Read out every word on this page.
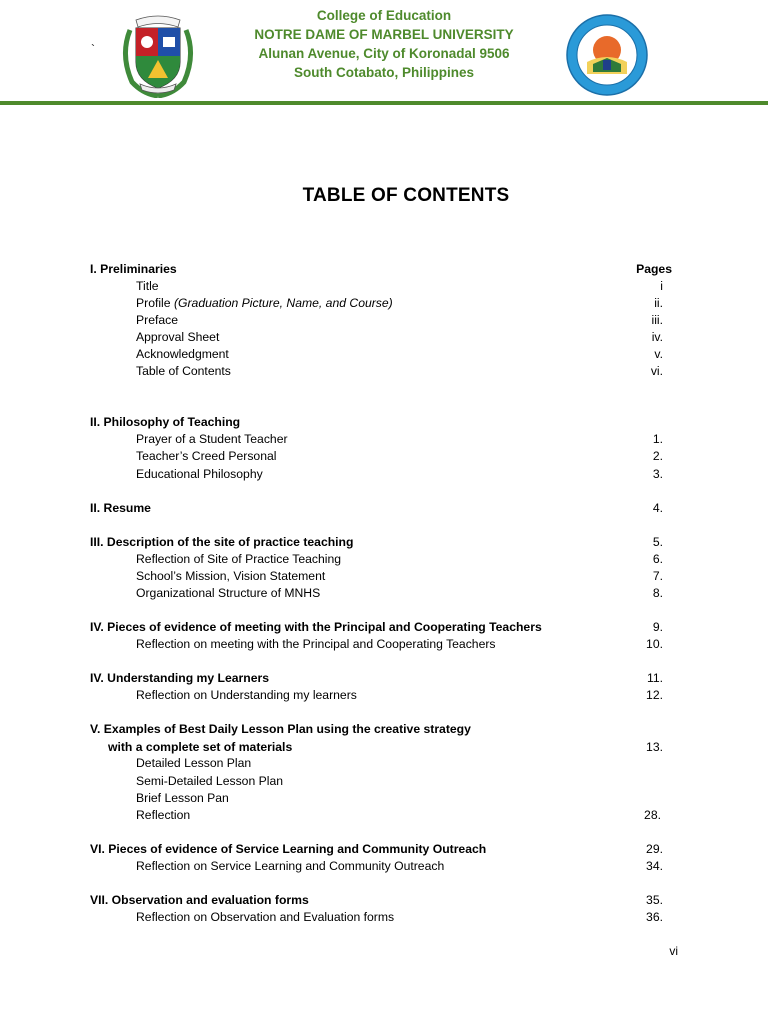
`
College of Education
NOTRE DAME OF MARBEL UNIVERSITY
Alunan Avenue, City of Koronadal 9506
South Cotabato, Philippines
TABLE OF CONTENTS
I. Preliminaries	Pages
Title	i
Profile (Graduation Picture, Name, and Course)	ii.
Preface	iii.
Approval Sheet	iv.
Acknowledgment	v.
Table of Contents	vi.
II. Philosophy of Teaching
Prayer of a Student Teacher	1.
Teacher’s Creed Personal	2.
Educational Philosophy	3.
II. Resume	4.
III. Description of the site of practice teaching	5.
Reflection of Site of Practice Teaching	6.
School’s Mission, Vision Statement	7.
Organizational Structure of MNHS	8.
IV. Pieces of evidence of meeting with the Principal and Cooperating Teachers	9.
Reflection on meeting with the Principal and Cooperating Teachers	10.
IV. Understanding my Learners	11.
Reflection on Understanding my learners	12.
V. Examples of Best Daily Lesson Plan using the creative strategy
with a complete set of materials	13.
Detailed Lesson Plan
Semi-Detailed Lesson Plan
Brief Lesson Pan
Reflection	28.
VI. Pieces of evidence of Service Learning and Community Outreach	29.
Reflection on Service Learning and Community Outreach	34.
VII. Observation and evaluation forms	35.
Reflection on Observation and Evaluation forms	36.
vi
